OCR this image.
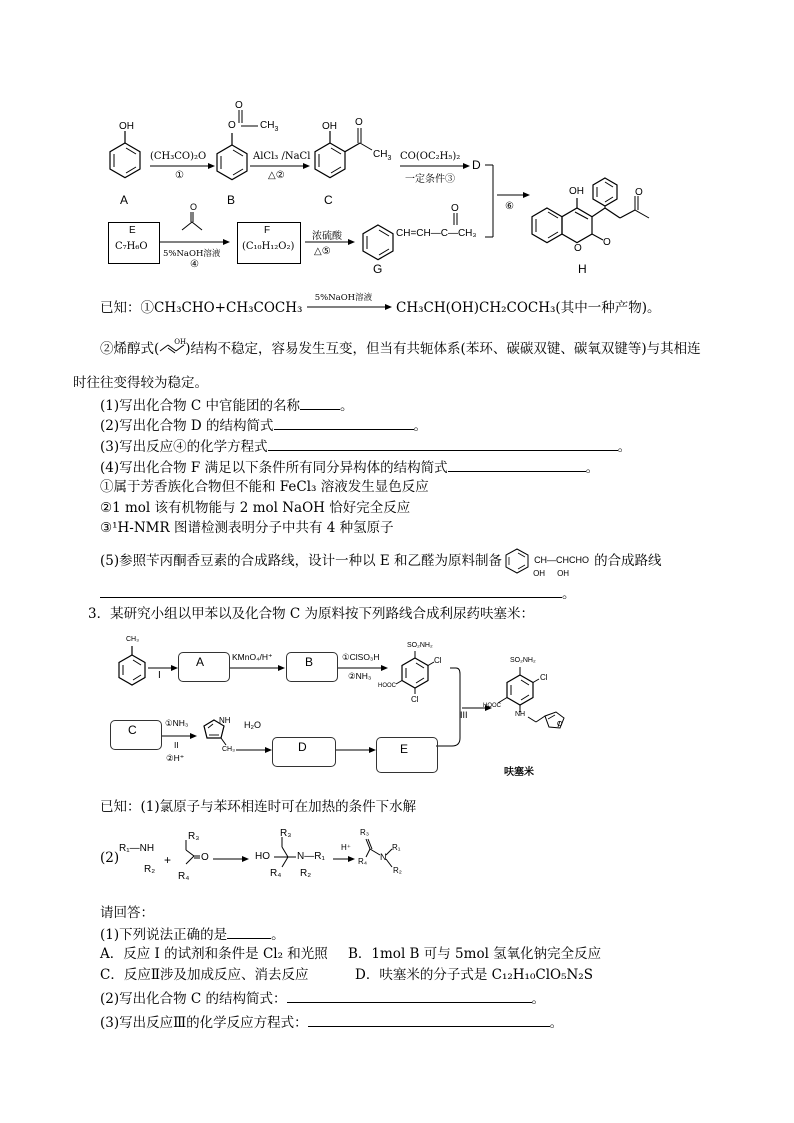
OH
A
(CH₃CO)₂O
①
O
O $CH_3$
B
AlCl₃ /NaCl
△②
OH O
$CH_3$
C
CO(OC₂H₅)₂
一定条件③
D
E
C₇H₆O
O
5%NaOH溶液
④
F
(C₁₀H₁₂O₂)
浓硫酸
△⑤
O
CH=CH—C—CH₃
G
⑥
OH
O
O
O
H
已知：①CH₃CHO+CH₃COCH₃
5%NaOH溶液
CH₃CH(OH)CH₂COCH₃(其中一种产物)。
②烯醇式( OH )结构不稳定，容易发生互变，但当有共轭体系(苯环、碳碳双键、碳氧双键等)与其相连
时往往变得较为稳定。
(1)写出化合物 C 中官能团的名称	。
(2)写出化合物 D 的结构简式	。
(3)写出反应④的化学方程式	。
(4)写出化合物 F 满足以下条件所有同分异构体的结构简式	。
①属于芳香族化合物但不能和 FeCl₃ 溶液发生显色反应
②1 mol 该有机物能与 2 mol NaOH 恰好完全反应
③¹H-NMR 图谱检测表明分子中共有 4 种氢原子
(5)参照苄丙酮香豆素的合成路线，设计一种以 E 和乙醛为原料制备	CH—CHCHO
OH OH
的合成路线
。
3．某研究小组以甲苯以及化合物 C 为原料按下列路线合成利尿药呋塞米：
CH₃
I
A	KMnO₄/H⁺	B	①ClSO₃H
②NH₃
SO₂NH₂
Cl
HOOC
Cl
III
SO₂NH₂
Cl
HOOC
NH
O
呋塞米
C	①NH₃
II
②H⁺
NH
CH₃
H₂O
D	E
已知：(1)氯原子与苯环相连时可在加热的条件下水解
(2)
R₁—NH
R₂
+
R₃
O
R₄
R₃
HO	N—R₁
R₄ R₂
H⁺
R₃
R₄ N
R₁
R₂
请回答：
(1)下列说法正确的是	。
A．反应 I 的试剂和条件是 Cl₂ 和光照 B．1mol B 可与 5mol 氢氧化钠完全反应
C．反应Ⅱ涉及加成反应、消去反应	D．呋塞米的分子式是 C₁₂H₁₀ClO₅N₂S
(2)写出化合物 C 的结构简式：	。
(3)写出反应Ⅲ的化学反应方程式：	。
